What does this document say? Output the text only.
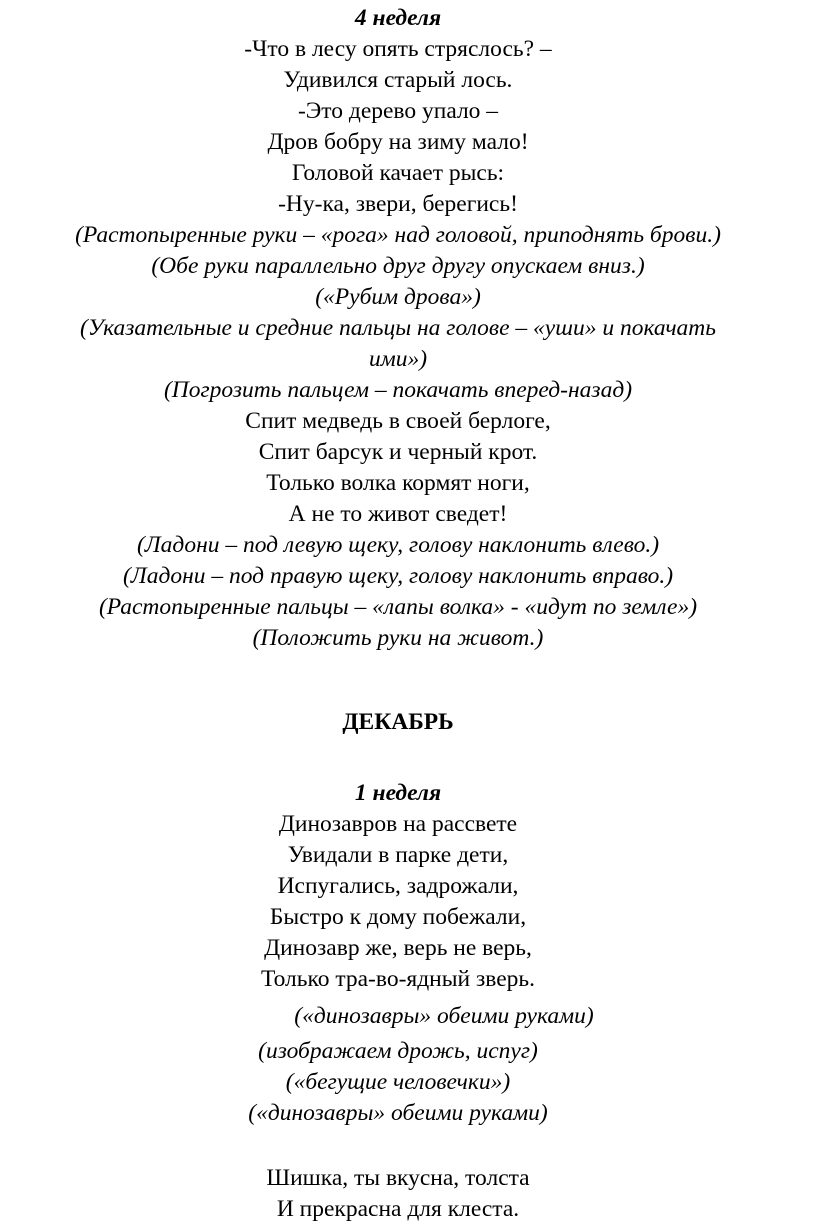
4 неделя
-Что в лесу опять стряслось? –
Удивился старый лось.
-Это дерево упало –
Дров бобру на зиму мало!
Головой качает рысь:
-Ну-ка, звери, берегись!
(Растопыренные руки – «рога» над головой, приподнять брови.)
(Обе руки параллельно друг другу опускаем вниз.)
(«Рубим дрова»)
(Указательные и средние пальцы на голове – «уши» и покачать
ими»)
(Погрозить пальцем – покачать вперед-назад)
Спит медведь в своей берлоге,
Спит барсук и черный крот.
Только волка кормят ноги,
А не то живот сведет!
(Ладони – под левую щеку, голову наклонить влево.)
(Ладони – под правую щеку, голову наклонить вправо.)
(Растопыренные пальцы – «лапы волка» - «идут по земле»)
(Положить руки на живот.)
ДЕКАБРЬ
1 неделя
Динозавров на рассвете
Увидали в парке дети,
Испугались, задрожали,
Быстро к дому побежали,
Динозавр же, верь не верь,
Только тра-во-ядный зверь.
(«динозавры» обеими руками)
(изображаем дрожь, испуг)
(«бегущие человечки»)
(«динозавры» обеими руками)
Шишка, ты вкусна, толста
И прекрасна для клеста.
